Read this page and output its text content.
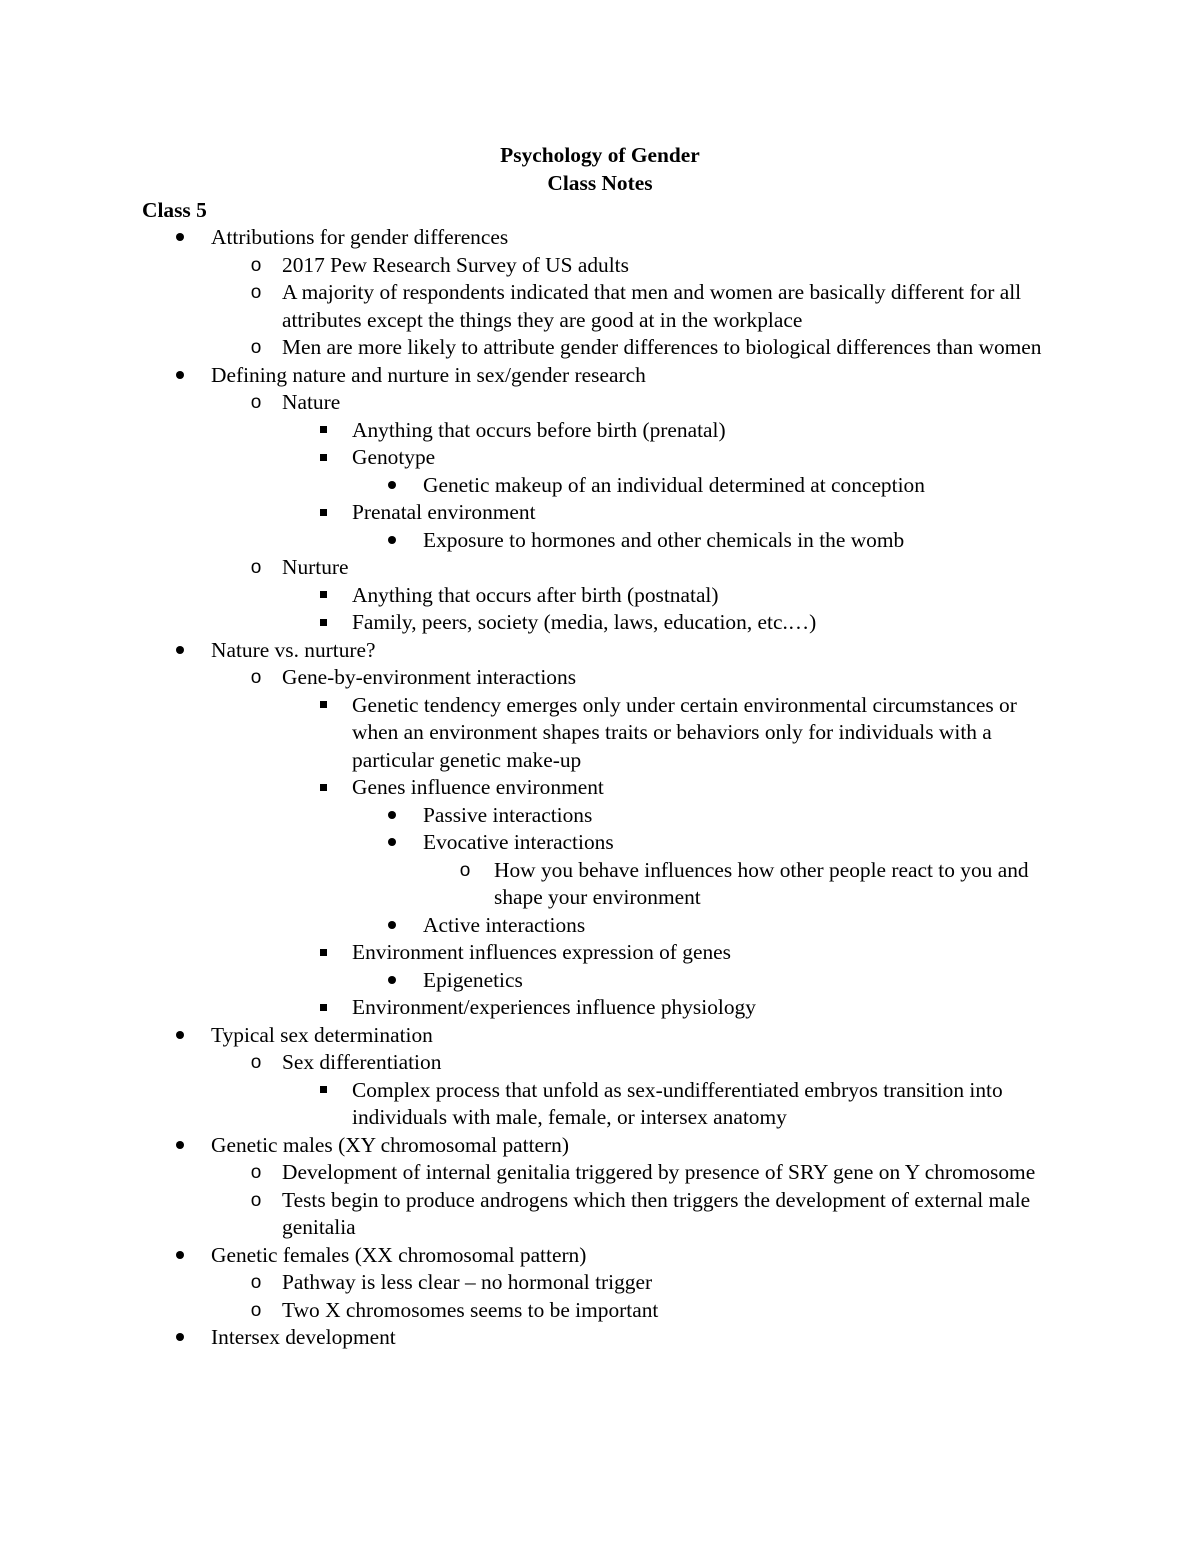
Psychology of Gender
Class Notes
Class 5
Attributions for gender differences
o 2017 Pew Research Survey of US adults
o A majority of respondents indicated that men and women are basically different for all attributes except the things they are good at in the workplace
o Men are more likely to attribute gender differences to biological differences than women
Defining nature and nurture in sex/gender research
o Nature
Anything that occurs before birth (prenatal)
Genotype
Genetic makeup of an individual determined at conception
Prenatal environment
Exposure to hormones and other chemicals in the womb
o Nurture
Anything that occurs after birth (postnatal)
Family, peers, society (media, laws, education, etc.…)
Nature vs. nurture?
o Gene-by-environment interactions
Genetic tendency emerges only under certain environmental circumstances or when an environment shapes traits or behaviors only for individuals with a particular genetic make-up
Genes influence environment
Passive interactions
Evocative interactions
o	How you behave influences how other people react to you and shape your environment
Active interactions
Environment influences expression of genes
Epigenetics
Environment/experiences influence physiology
Typical sex determination
o Sex differentiation
Complex process that unfold as sex-undifferentiated embryos transition into individuals with male, female, or intersex anatomy
Genetic males (XY chromosomal pattern)
o Development of internal genitalia triggered by presence of SRY gene on Y chromosome
o Tests begin to produce androgens which then triggers the development of external male genitalia
Genetic females (XX chromosomal pattern)
o Pathway is less clear – no hormonal trigger
o Two X chromosomes seems to be important
Intersex development
